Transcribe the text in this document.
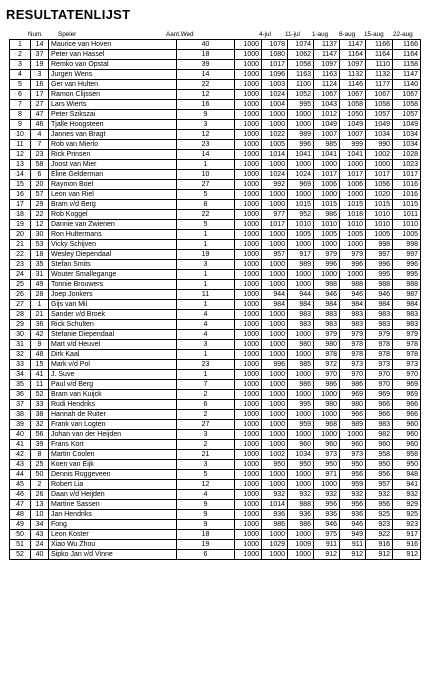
RESULTATENLIJST
Num. Speler	Aant.Wed	4-jul 11-jul 1-aug 8-aug 15-aug 22-aug
1	14	Maurice van Hoven	40	1000	1078	1074	1137	1147	1166	1166
2	37	Peter van Hassel	18	1000	1080	1062	1147	1164	1164	1164
3	19	Remko van Opstal	39	1000	1017	1058	1097	1097	1110	1158
4	3	Jurgen Wens	14	1000	1096	1163	1163	1132	1132	1147
5	16	Ger van Hulten	22	1000	1003	1100	1124	1146	1177	1140
6	17	Ramon Clijssen	12	1000	1024	1052	1067	1067	1067	1067
7	27	Lars Wierts	16	1000	1004	995	1043	1058	1058	1058
8	47	Peter Szikszai	9	1000	1000	1000	1012	1050	1057	1057
9	46	Tjalle Hoogsteen	3	1000	1000	1000	1049	1049	1049	1049
10	4	Jannes van Bragt	12	1000	1022	989	1007	1007	1034	1034
11	7	Rob van Mierlo	23	1000	1005	996	985	999	990	1034
12	23	Rick Prinsen	14	1000	1014	1041	1041	1041	1002	1028
13	58	Joost van Mier	1	1000	1000	1000	1000	1000	1000	1023
14	6	Eline Gelderman	10	1000	1024	1024	1017	1017	1017	1017
15	20	Raymon Boel	27	1000	992	969	1006	1006	1056	1016
16	57	Leon van Riel	5	1000	1000	1000	1000	1000	1020	1016
17	29	Bram v/d Berg	8	1000	1000	1015	1015	1015	1015	1015
18	22	Rob Koggel	22	1000	977	952	986	1018	1010	1011
19	12	Dannie van Zwienen	5	1000	1017	1010	1010	1010	1010	1010
20	30	Ron Hultermans	1	1000	1000	1005	1005	1005	1005	1005
21	53	Vicky Schijven	1	1000	1000	1000	1000	1000	998	998
22	18	Wesley Diependaal	19	1000	957	917	979	979	997	997
23	35	Stefan Smits	3	1000	1000	989	996	996	996	996
24	31	Wouter Smallegange	1	1000	1000	1000	1000	1000	995	995
25	49	Tonnie Brouwers	1	1000	1000	1000	988	988	988	988
26	28	Joep Jonkers	11	1000	944	944	946	946	946	987
27	1	Gijs van Mil	1	1000	984	984	984	984	984	984
28	21	Sander v/d Broek	4	1000	1000	983	983	983	983	983
29	36	Rick Schulten	4	1000	1000	983	983	983	983	983
30	42	Stefanie Diependaal	4	1000	1000	1000	979	979	979	979
31	9	Mart v/d Heuvel	3	1000	1000	980	980	978	978	978
32	48	Dirk Kaal	1	1000	1000	1000	978	978	978	978
33	15	Mark v/d Pol	23	1000	996	985	972	973	973	973
34	41	J. Suve	1	1000	1000	1000	970	970	970	970
35	11	Paul v/d Berg	7	1000	1000	986	986	986	970	969
36	52	Bram van Kuijck	2	1000	1000	1000	1000	969	969	969
37	33	Rudi Hendriks	6	1000	1000	995	980	980	966	966
38	38	Hannah de Ruiter	2	1000	1000	1000	1000	966	966	966
39	32	Frank van Logten	27	1000	1000	959	968	989	983	960
40	56	Johan van der Heijden	3	1000	1000	1000	1000	1000	982	960
41	39	Frans Kort	2	1000	1000	960	960	960	960	960
42	8	Martin Coolen	21	1000	1002	1034	973	973	958	958
43	25	Koen van Eijk	3	1000	950	950	950	950	950	950
44	50	Dennis Roggeveen	5	1000	1000	1000	971	956	956	948
45	2	Robert Lia	12	1000	1000	1000	1000	959	957	941
46	26	Daan v/d Heijden	4	1000	932	932	932	932	932	932
47	13	Martine Sassen	9	1000	1014	988	956	956	956	929
48	10	Jan Hendriks	9	1000	936	936	936	936	925	925
49	34	Fong	9	1000	986	986	946	946	923	923
50	43	Leon Koster	18	1000	1000	1000	975	949	922	917
51	24	Xiao Wu Zhou	19	1000	1029	1009	911	911	916	916
52	40	Sipko Jan v/d Vinne	6	1000	1000	1000	912	912	912	912
